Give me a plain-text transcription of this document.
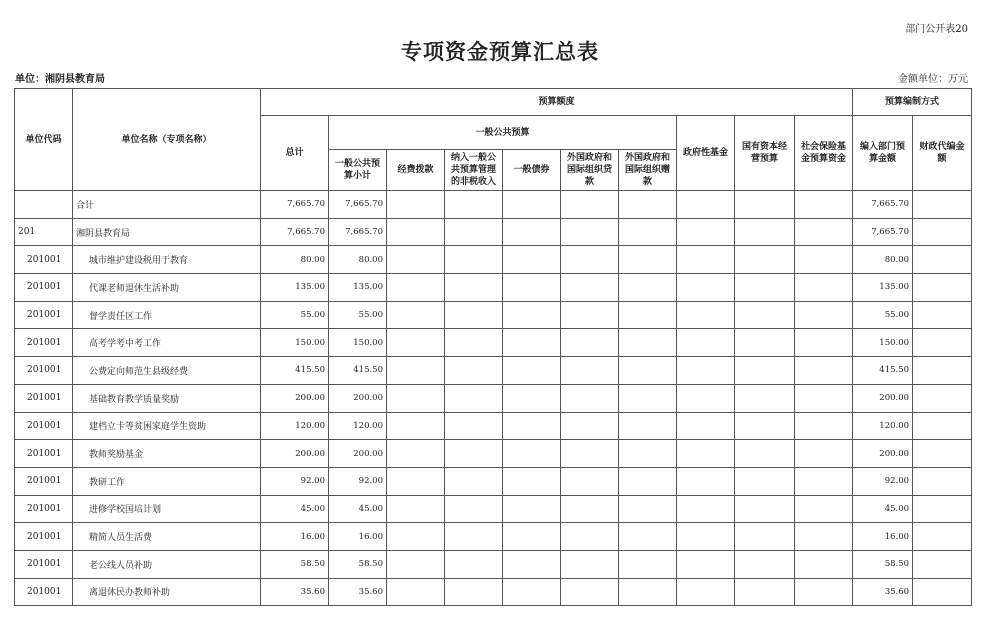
部门公开表20
专项资金预算汇总表
单位：湘阴县教育局	金额单位：万元
单位代码	单位名称（专项名称）	预算额度										预算编制方式	
		总计	一般公共预算						政府性基金	国有资本经营预算	社会保险基金预算资金	编入部门预算金额	财政代编金额
			一般公共预算小计	经费拨款	纳入一般公共预算管理的非税收入	一般债券	外国政府和国际组织贷款	外国政府和国际组织赠款					
	合计	7,665.70	7,665.70									7,665.70	
201	湘阴县教育局	7,665.70	7,665.70									7,665.70	
201001	城市维护建设税用于教育	80.00	80.00									80.00	
201001	代课老师退休生活补助	135.00	135.00									135.00	
201001	督学责任区工作	55.00	55.00									55.00	
201001	高考学考中考工作	150.00	150.00									150.00	
201001	公费定向师范生县级经费	415.50	415.50									415.50	
201001	基础教育教学质量奖励	200.00	200.00									200.00	
201001	建档立卡等贫困家庭学生资助	120.00	120.00									120.00	
201001	教师奖励基金	200.00	200.00									200.00	
201001	教研工作	92.00	92.00									92.00	
201001	进修学校国培计划	45.00	45.00									45.00	
201001	精简人员生活费	16.00	16.00									16.00	
201001	老公线人员补助	58.50	58.50									58.50	
201001	离退休民办教师补助	35.60	35.60									35.60	
